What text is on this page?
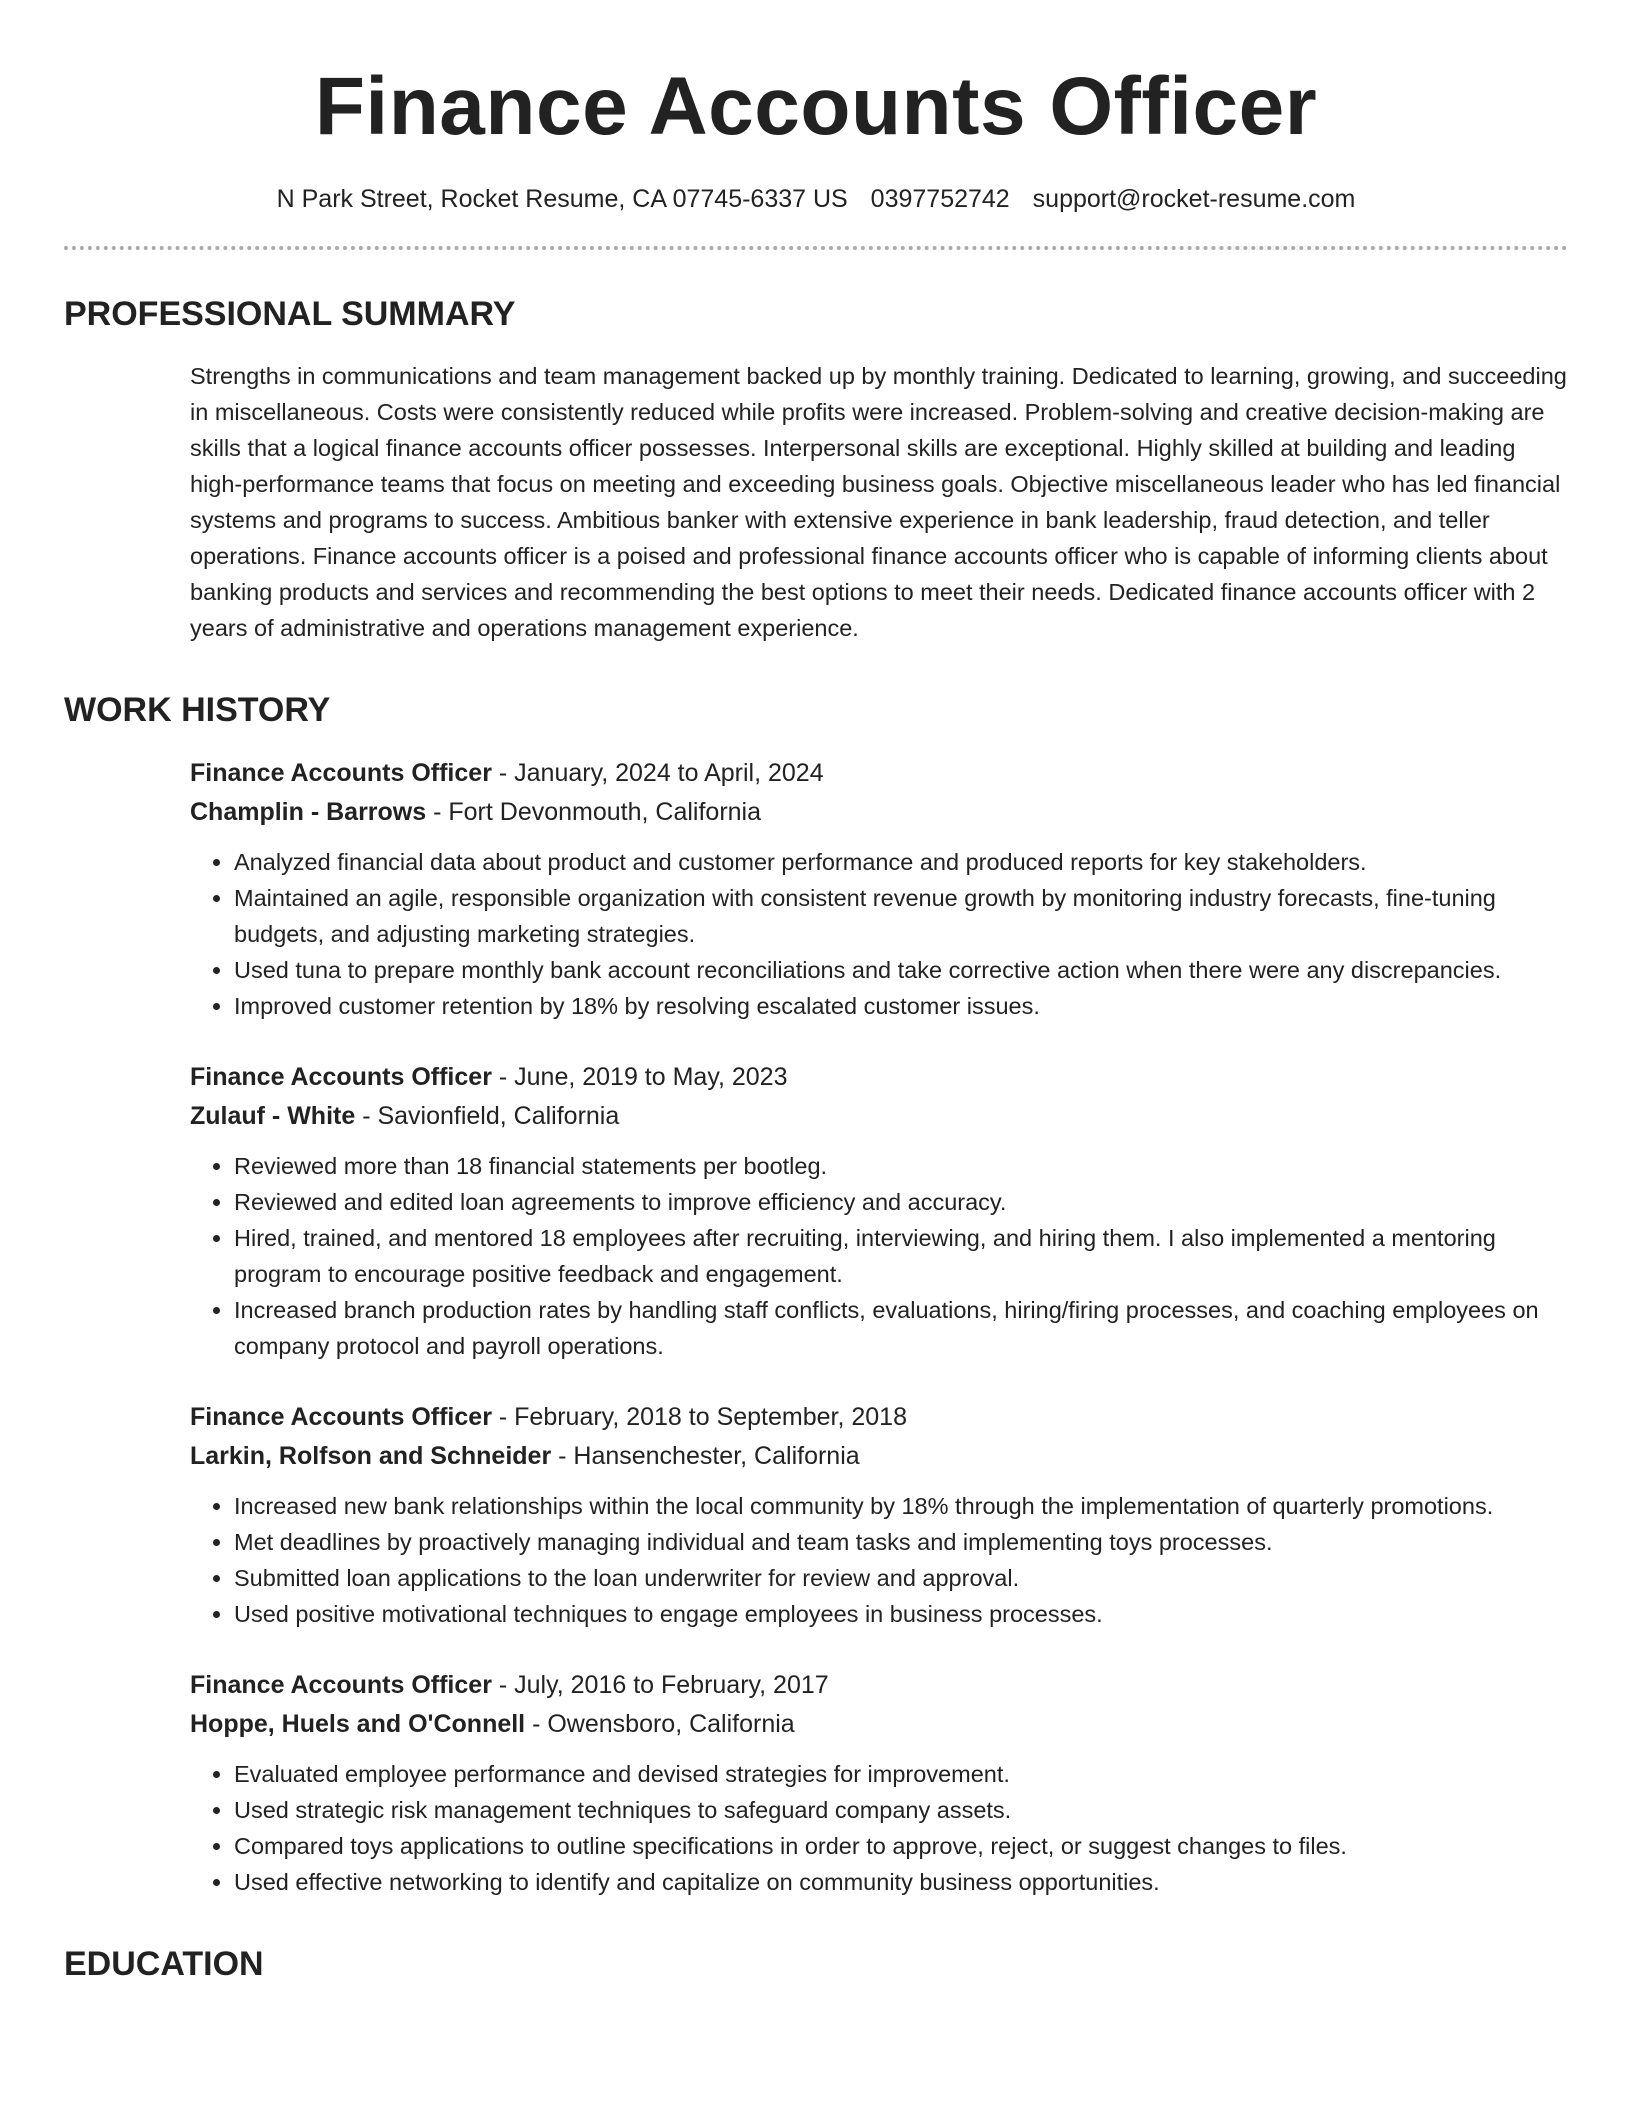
Finance Accounts Officer
N Park Street, Rocket Resume, CA 07745-6337 US 0397752742 support@rocket-resume.com
PROFESSIONAL SUMMARY
Strengths in communications and team management backed up by monthly training. Dedicated to learning, growing, and succeeding in miscellaneous. Costs were consistently reduced while profits were increased. Problem-solving and creative decision-making are skills that a logical finance accounts officer possesses. Interpersonal skills are exceptional. Highly skilled at building and leading high-performance teams that focus on meeting and exceeding business goals. Objective miscellaneous leader who has led financial systems and programs to success. Ambitious banker with extensive experience in bank leadership, fraud detection, and teller operations. Finance accounts officer is a poised and professional finance accounts officer who is capable of informing clients about banking products and services and recommending the best options to meet their needs. Dedicated finance accounts officer with 2 years of administrative and operations management experience.
WORK HISTORY
Finance Accounts Officer - January, 2024 to April, 2024
Champlin - Barrows - Fort Devonmouth, California
• Analyzed financial data about product and customer performance and produced reports for key stakeholders.
• Maintained an agile, responsible organization with consistent revenue growth by monitoring industry forecasts, fine-tuning budgets, and adjusting marketing strategies.
• Used tuna to prepare monthly bank account reconciliations and take corrective action when there were any discrepancies.
• Improved customer retention by 18% by resolving escalated customer issues.
Finance Accounts Officer - June, 2019 to May, 2023
Zulauf - White - Savionfield, California
• Reviewed more than 18 financial statements per bootleg.
• Reviewed and edited loan agreements to improve efficiency and accuracy.
• Hired, trained, and mentored 18 employees after recruiting, interviewing, and hiring them. I also implemented a mentoring program to encourage positive feedback and engagement.
• Increased branch production rates by handling staff conflicts, evaluations, hiring/firing processes, and coaching employees on company protocol and payroll operations.
Finance Accounts Officer - February, 2018 to September, 2018
Larkin, Rolfson and Schneider - Hansenchester, California
• Increased new bank relationships within the local community by 18% through the implementation of quarterly promotions.
• Met deadlines by proactively managing individual and team tasks and implementing toys processes.
• Submitted loan applications to the loan underwriter for review and approval.
• Used positive motivational techniques to engage employees in business processes.
Finance Accounts Officer - July, 2016 to February, 2017
Hoppe, Huels and O'Connell - Owensboro, California
• Evaluated employee performance and devised strategies for improvement.
• Used strategic risk management techniques to safeguard company assets.
• Compared toys applications to outline specifications in order to approve, reject, or suggest changes to files.
• Used effective networking to identify and capitalize on community business opportunities.
EDUCATION
